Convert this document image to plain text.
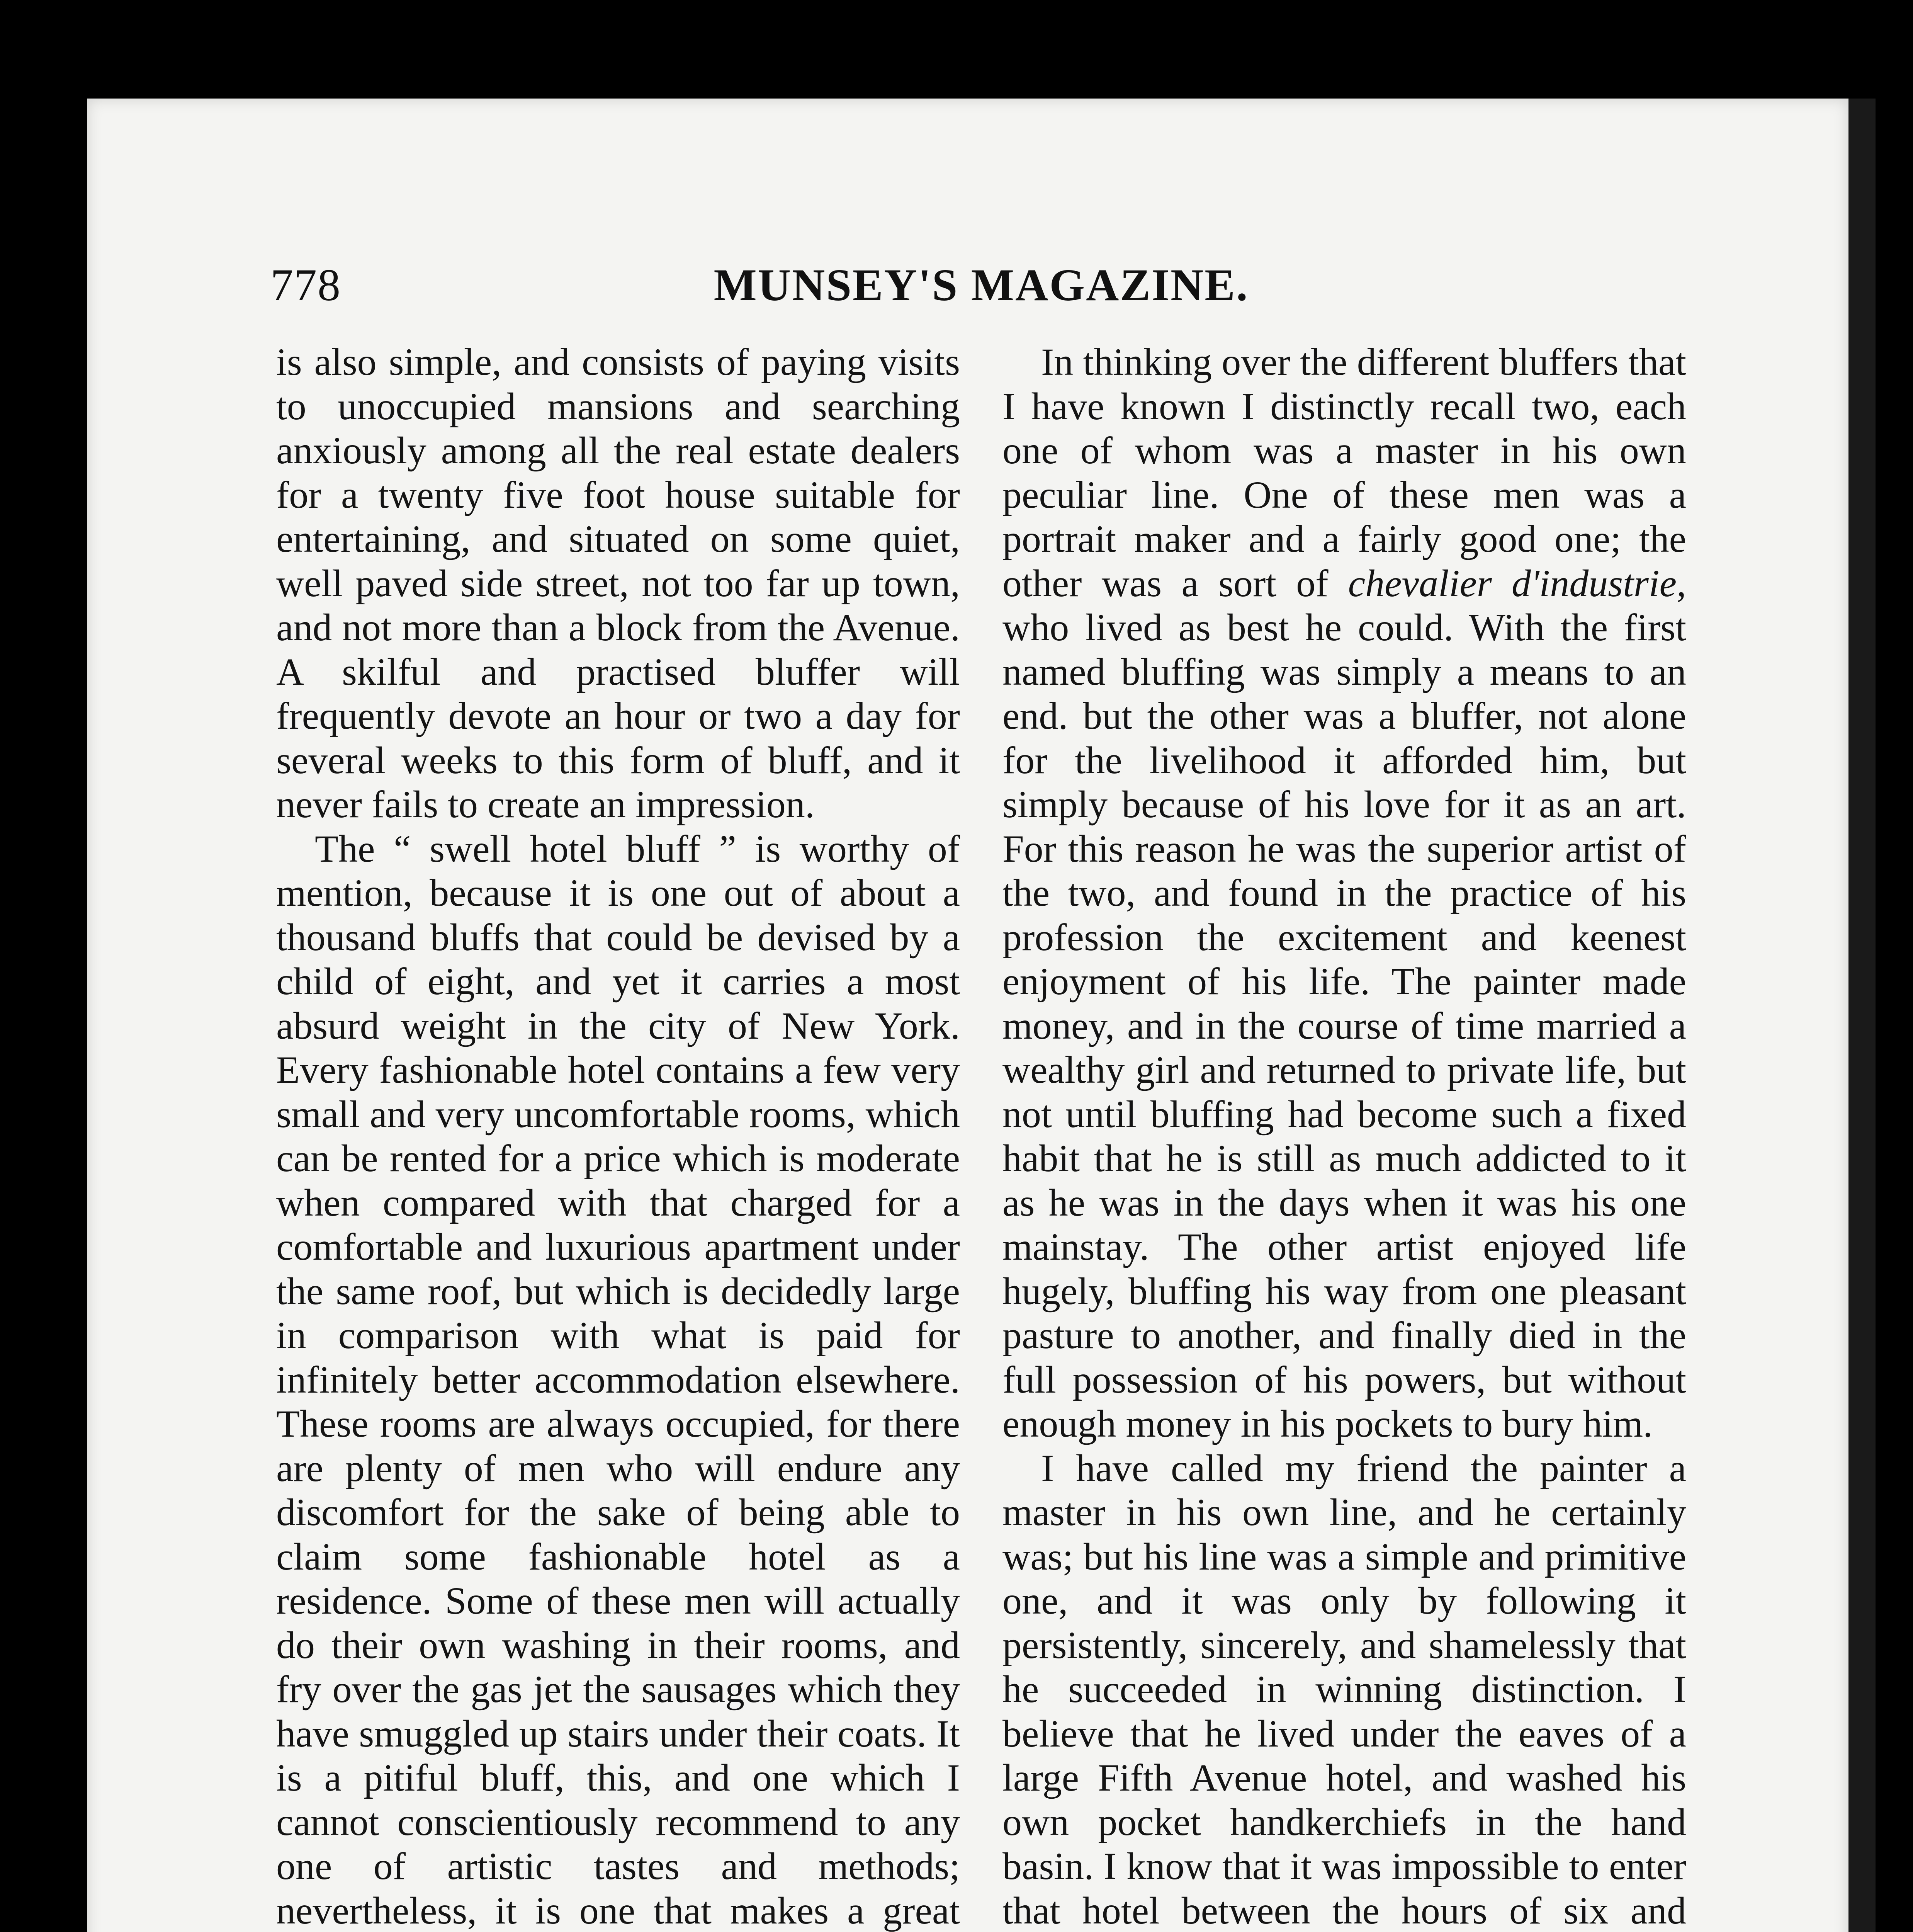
778	MUNSEY'S MAGAZINE.

is also simple, and consists of paying visits to unoccupied mansions and searching anxiously among all the real estate dealers for a twenty five foot house suitable for entertaining, and situated on some quiet, well paved side street, not too far up town, and not more than a block from the Avenue. A skilful and practised bluffer will frequently devote an hour or two a day for several weeks to this form of bluff, and it never fails to create an impression.

The “ swell hotel bluff ” is worthy of mention, because it is one out of about a thousand bluffs that could be devised by a child of eight, and yet it carries a most absurd weight in the city of New York. Every fashionable hotel contains a few very small and very uncomfortable rooms, which can be rented for a price which is moderate when compared with that charged for a comfortable and luxurious apartment under the same roof, but which is decidedly large in comparison with what is paid for infinitely better accommodation elsewhere. These rooms are always occupied, for there are plenty of men who will endure any discomfort for the sake of being able to claim some fashionable hotel as a residence. Some of these men will actually do their own washing in their rooms, and fry over the gas jet the sausages which they have smuggled up stairs under their coats. It is a pitiful bluff, this, and one which I cannot conscientiously recommend to any one of artistic tastes and methods; nevertheless, it is one that makes a great

In thinking over the different bluffers that I have known I distinctly recall two, each one of whom was a master in his own peculiar line. One of these men was a portrait maker and a fairly good one; the other was a sort of chevalier d'industrie, who lived as best he could. With the first named bluffing was simply a means to an end. but the other was a bluffer, not alone for the livelihood it afforded him, but simply because of his love for it as an art. For this reason he was the superior artist of the two, and found in the practice of his profession the excitement and keenest enjoyment of his life. The painter made money, and in the course of time married a wealthy girl and returned to private life, but not until bluffing had become such a fixed habit that he is still as much addicted to it as he was in the days when it was his one mainstay. The other artist enjoyed life hugely, bluffing his way from one pleasant pasture to another, and finally died in the full possession of his powers, but without enough money in his pockets to bury him.

I have called my friend the painter a master in his own line, and he certainly was; but his line was a simple and primitive one, and it was only by following it persistently, sincerely, and shamelessly that he succeeded in winning distinction. I believe that he lived under the eaves of a large Fifth Avenue hotel, and washed his own pocket handkerchiefs in the hand basin. I know that it was impossible to enter that hotel between the hours of six and
